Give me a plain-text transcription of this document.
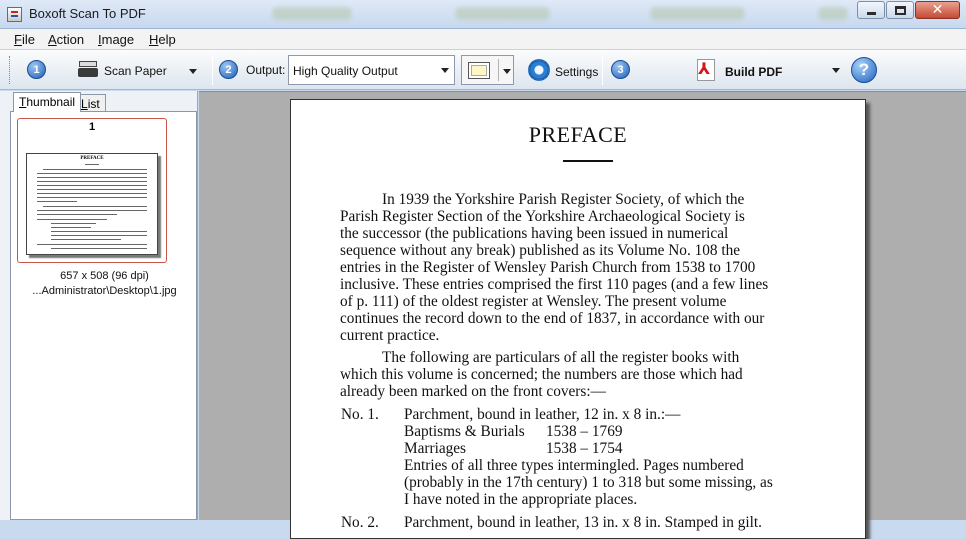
Boxoft Scan To PDF	✕
File Action Image Help
1	Scan Paper	2	Output:	3
High Quality Output	Settings	Build PDF
⅄	?
Thumbnail List
1
PREFACE
657 x 508 (96 dpi)
...Administrator\Desktop\1.jpg
PREFACE
In 1939 the Yorkshire Parish Register Society, of which the
Parish Register Section of the Yorkshire Archaeological Society is
the successor (the publications having been issued in numerical
sequence without any break) published as its Volume No. 108 the
entries in the Register of Wensley Parish Church from 1538 to 1700
inclusive. These entries comprised the first 110 pages (and a few lines
of p. 111) of the oldest register at Wensley. The present volume
continues the record down to the end of 1837, in accordance with our
current practice.
The following are particulars of all the register books with
which this volume is concerned; the numbers are those which had
already been marked on the front covers:—
No. 1. Parchment, bound in leather, 12 in. x 8 in.:—
Baptisms & Burials 1538 – 1769
Marriages	1538 – 1754
Entries of all three types intermingled. Pages numbered
(probably in the 17th century) 1 to 318 but some missing, as
I have noted in the appropriate places.
No. 2. Parchment, bound in leather, 13 in. x 8 in. Stamped in gilt.
